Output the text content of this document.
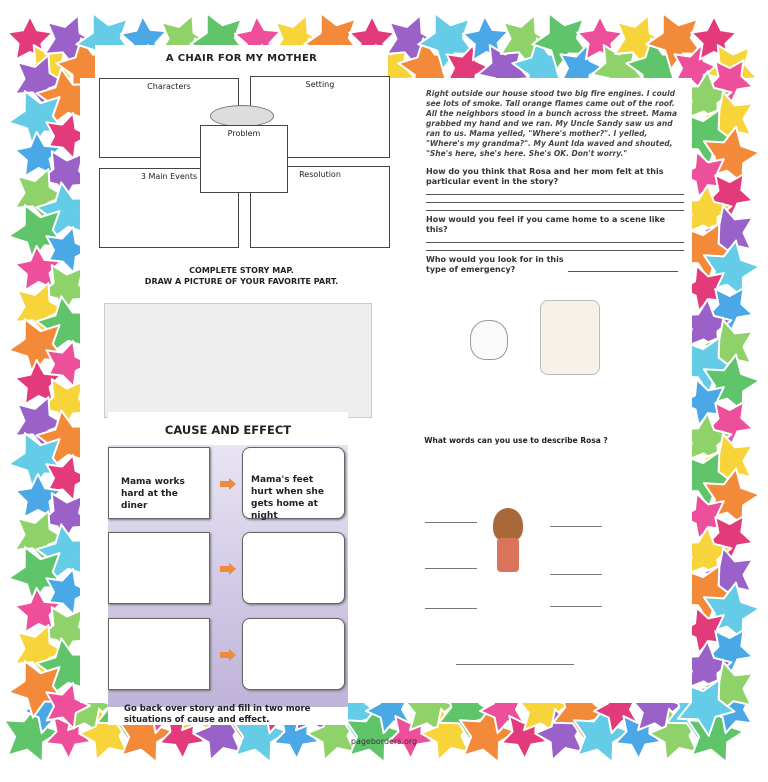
pageborders.org
A CHAIR FOR MY MOTHER
Characters	Setting
3 Main Events	Resolution
Problem
COMPLETE STORY MAP.
DRAW A PICTURE OF YOUR FAVORITE PART.
Right outside our house stood two big fire engines. I could see lots of smoke. Tall orange flames came out of the roof. All the neighbors stood in a bunch across the street. Mama grabbed my hand and we ran. My Uncle Sandy saw us and ran to us. Mama yelled, "Where's mother?". I yelled, "Where's my grandma?". My Aunt Ida waved and shouted, "She's here, she's here. She's OK. Don't worry."
How do you think that Rosa and her mom felt at this particular event in the story?
How would you feel if you came home to a scene like this?
Who would you look for in this type of emergency?
CAUSE AND EFFECT
Mama works hard at the diner
Mama's feet hurt when she gets home at night
Go back over story and fill in two more situations of cause and effect.
What words can you use to describe Rosa ?
